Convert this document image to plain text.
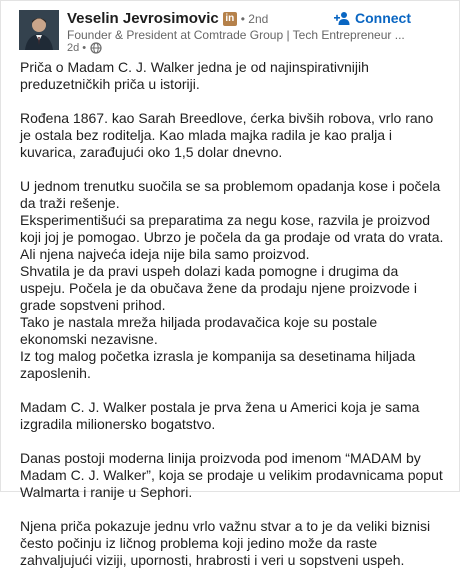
Veselin Jevrosimovic in • 2nd
Founder & President at Comtrade Group | Tech Entrepreneur ...
2d •
Connect

Priča o Madam C. J. Walker jedna je od najinspirativnijih preduzetničkih priča u istoriji.

Rođena 1867. kao Sarah Breedlove, ćerka bivših robova, vrlo rano je ostala bez roditelja. Kao mlada majka radila je kao pralja i kuvarica, zarađujući oko 1,5 dolar dnevno.

U jednom trenutku suočila se sa problemom opadanja kose i počela da traži rešenje.
Eksperimentišući sa preparatima za negu kose, razvila je proizvod koji joj je pomogao. Ubrzo je počela da ga prodaje od vrata do vrata.
Ali njena najveća ideja nije bila samo proizvod.
Shvatila je da pravi uspeh dolazi kada pomogne i drugima da uspeju. Počela je da obučava žene da prodaju njene proizvode i grade sopstveni prihod.
Tako je nastala mreža hiljada prodavačica koje su postale ekonomski nezavisne.
Iz tog malog početka izrasla je kompanija sa desetinama hiljada zaposlenih.

Madam C. J. Walker postala je prva žena u Americi koja je sama izgradila milionersko bogatstvo.

Danas postoji moderna linija proizvoda pod imenom “MADAM by Madam C. J. Walker”, koja se prodaje u velikim prodavnicama poput Walmarta i ranije u Sephori.

Njena priča pokazuje jednu vrlo važnu stvar a to je da veliki biznisi često počinju iz ličnog problema koji jedino može da raste zahvaljujući viziji, upornosti, hrabrosti i veri u sopstveni uspeh.
